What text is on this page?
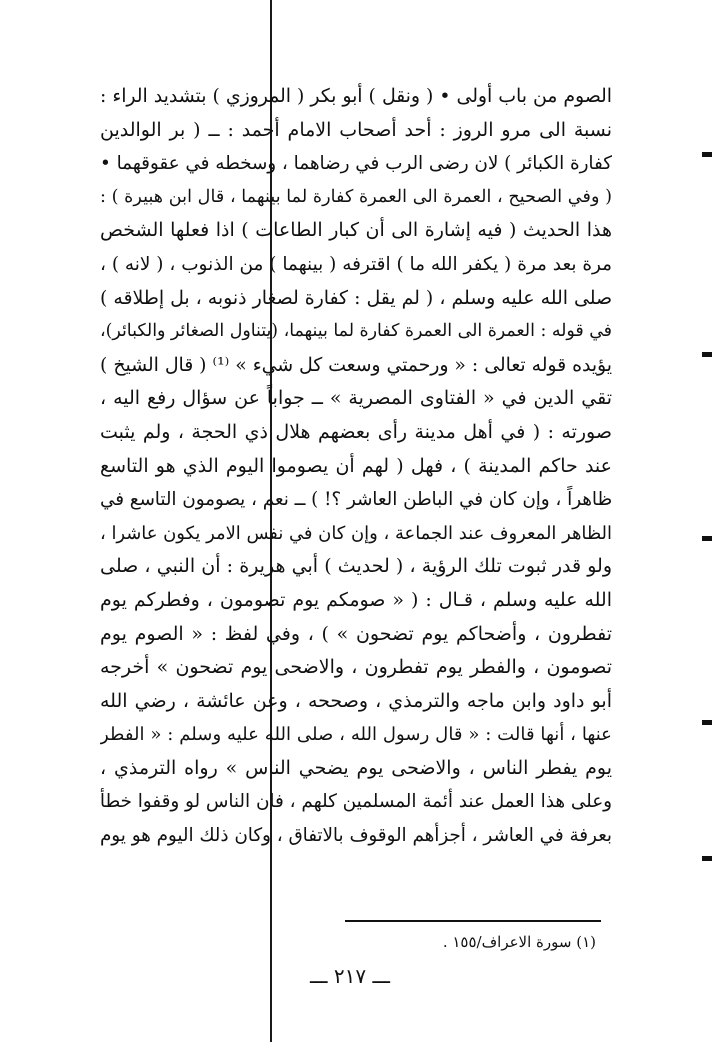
الصوم من باب أولى • ( ونقل ) أبو بكر ( المروزي ) بتشديد الراء :
نسبة الى مرو الروز : أحد أصحاب الامام أحمد : ــ ( بر الوالدين
كفارة الكبائر ) لان رضى الرب في رضاهما ، وسخطه في عقوقهما •
( وفي الصحيح ، العمرة الى العمرة كفارة لما بينهما ، قال ابن هبيرة ) :
هذا الحديث ( فيه إشارة الى أن كبار الطاعات ) اذا فعلها الشخص
مرة بعد مرة ( يكفر الله ما ) اقترفه ( بينهما ) من الذنوب ، ( لانه ) ،
صلى الله عليه وسلم ، ( لم يقل : كفارة لصغار ذنوبه ، بل إطلاقه )
في قوله : العمرة الى العمرة كفارة لما بينهما، (يتناول الصغائر والكبائر)،
يؤيده قوله تعالى : « ورحمتي وسعت كل شيء » ⁽¹⁾ ( قال الشيخ )
تقي الدين في « الفتاوى المصرية » ــ جواباً عن سؤال رفع اليه ،
صورته : ( في أهل مدينة رأى بعضهم هلال ذي الحجة ، ولم يثبت
عند حاكم المدينة ) ، فهل ( لهم أن يصوموا اليوم الذي هو التاسع
ظاهراً ، وإن كان في الباطن العاشر ؟! ) ــ نعم ، يصومون التاسع في
الظاهر المعروف عند الجماعة ، وإن كان في نفس الامر يكون عاشرا ،
ولو قدر ثبوت تلك الرؤية ، ( لحديث ) أبي هريرة : أن النبي ، صلى
الله عليه وسلم ، قـال : ( « صومكم يوم تصومون ، وفطركم يوم
تفطرون ، وأضحاكم يوم تضحون » ) ، وفي لفظ : « الصوم يوم
تصومون ، والفطر يوم تفطرون ، والاضحى يوم تضحون » أخرجه
أبو داود وابن ماجه والترمذي ، وصححه ، وعن عائشة ، رضي الله
عنها ، أنها قالت : « قال رسول الله ، صلى الله عليه وسلم : « الفطر
يوم يفطر الناس ، والاضحى يوم يضحي الناس » رواه الترمذي ،
وعلى هذا العمل عند أئمة المسلمين كلهم ، فان الناس لو وقفوا خطأ
بعرفة في العاشر ، أجزأهم الوقوف بالاتفاق ، وكان ذلك اليوم هو يوم
(١) سورة الاعراف/١٥٥ .
ـــ ٢١٧ ـــ
